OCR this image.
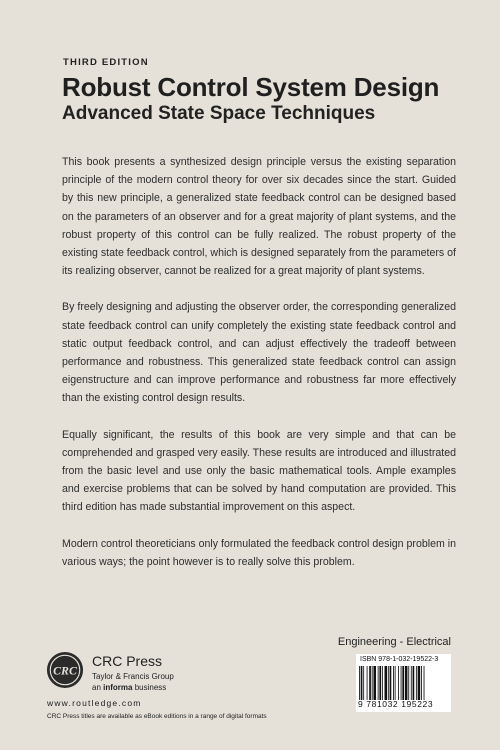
THIRD EDITION
Robust Control System Design
Advanced State Space Techniques

This book presents a synthesized design principle versus the existing separation principle of the modern control theory for over six decades since the start. Guided by this new principle, a generalized state feedback control can be designed based on the parameters of an observer and for a great majority of plant systems, and the robust property of this control can be fully realized. The robust property of the existing state feedback control, which is designed separately from the parameters of its realizing observer, cannot be realized for a great majority of plant systems.

By freely designing and adjusting the observer order, the corresponding generalized state feedback control can unify completely the existing state feedback control and static output feedback control, and can adjust effectively the tradeoff between performance and robustness. This generalized state feedback control can assign eigenstructure and can improve performance and robustness far more effectively than the existing control design results.

Equally significant, the results of this book are very simple and that can be comprehended and grasped very easily. These results are introduced and illustrated from the basic level and use only the basic mathematical tools. Ample examples and exercise problems that can be solved by hand computation are provided. This third edition has made substantial improvement on this aspect.

Modern control theoreticians only formulated the feedback control design problem in various ways; the point however is to really solve this problem.

Engineering - Electrical
ISBN 978-1-032-19522-3
9 781032 195223
CRC
CRC Press
Taylor & Francis Group
an informa business
www.routledge.com
CRC Press titles are available as eBook editions in a range of digital formats
